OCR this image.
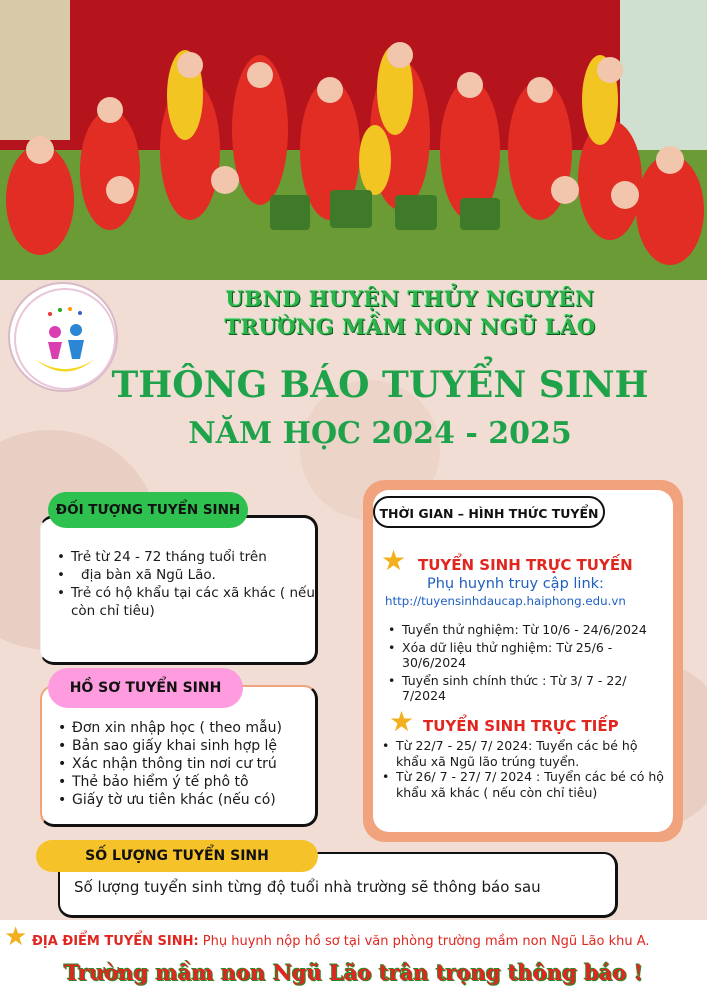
UBND HUYỆN THỦY NGUYÊN
TRƯỜNG MẦM NON NGŨ LÃO
THÔNG BÁO TUYỂN SINH
NĂM HỌC 2024 - 2025
• Trẻ từ 24 - 72 tháng tuổi trên
• địa bàn xã Ngũ Lão.
• Trẻ có hộ khẩu tại các xã khác ( nếu còn chỉ tiêu)
ĐỐI TƯỢNG TUYỂN SINH
• Đơn xin nhập học ( theo mẫu)
• Bản sao giấy khai sinh hợp lệ
• Xác nhận thông tin nơi cư trú
• Thẻ bảo hiểm ý tế phô tô
• Giấy tờ ưu tiên khác (nếu có)
HỒ SƠ TUYỂN SINH
THỜI GIAN – HÌNH THỨC TUYỂN
★ TUYỂN SINH TRỰC TUYẾN
Phụ huynh truy cập link:
http://tuyensinhdaucap.haiphong.edu.vn
• Tuyển thử nghiệm: Từ 10/6 - 24/6/2024
• Xóa dữ liệu thử nghiệm: Từ 25/6 - 30/6/2024
• Tuyển sinh chính thức : Từ 3/ 7 - 22/ 7/2024
★ TUYỂN SINH TRỰC TIẾP
• Từ 22/7 - 25/ 7/ 2024: Tuyển các bé hộ khẩu xã Ngũ lão trúng tuyển.
• Từ 26/ 7 - 27/ 7/ 2024 : Tuyển các bé có hộ khẩu xã khác ( nếu còn chỉ tiêu)
Số lượng tuyển sinh từng độ tuổi nhà trường sẽ thông báo sau
SỐ LƯỢNG TUYỂN SINH
★ ĐỊA ĐIỂM TUYỂN SINH: Phụ huynh nộp hồ sơ tại văn phòng trường mầm non Ngũ Lão khu A.
Trường mầm non Ngũ Lão trân trọng thông báo !
